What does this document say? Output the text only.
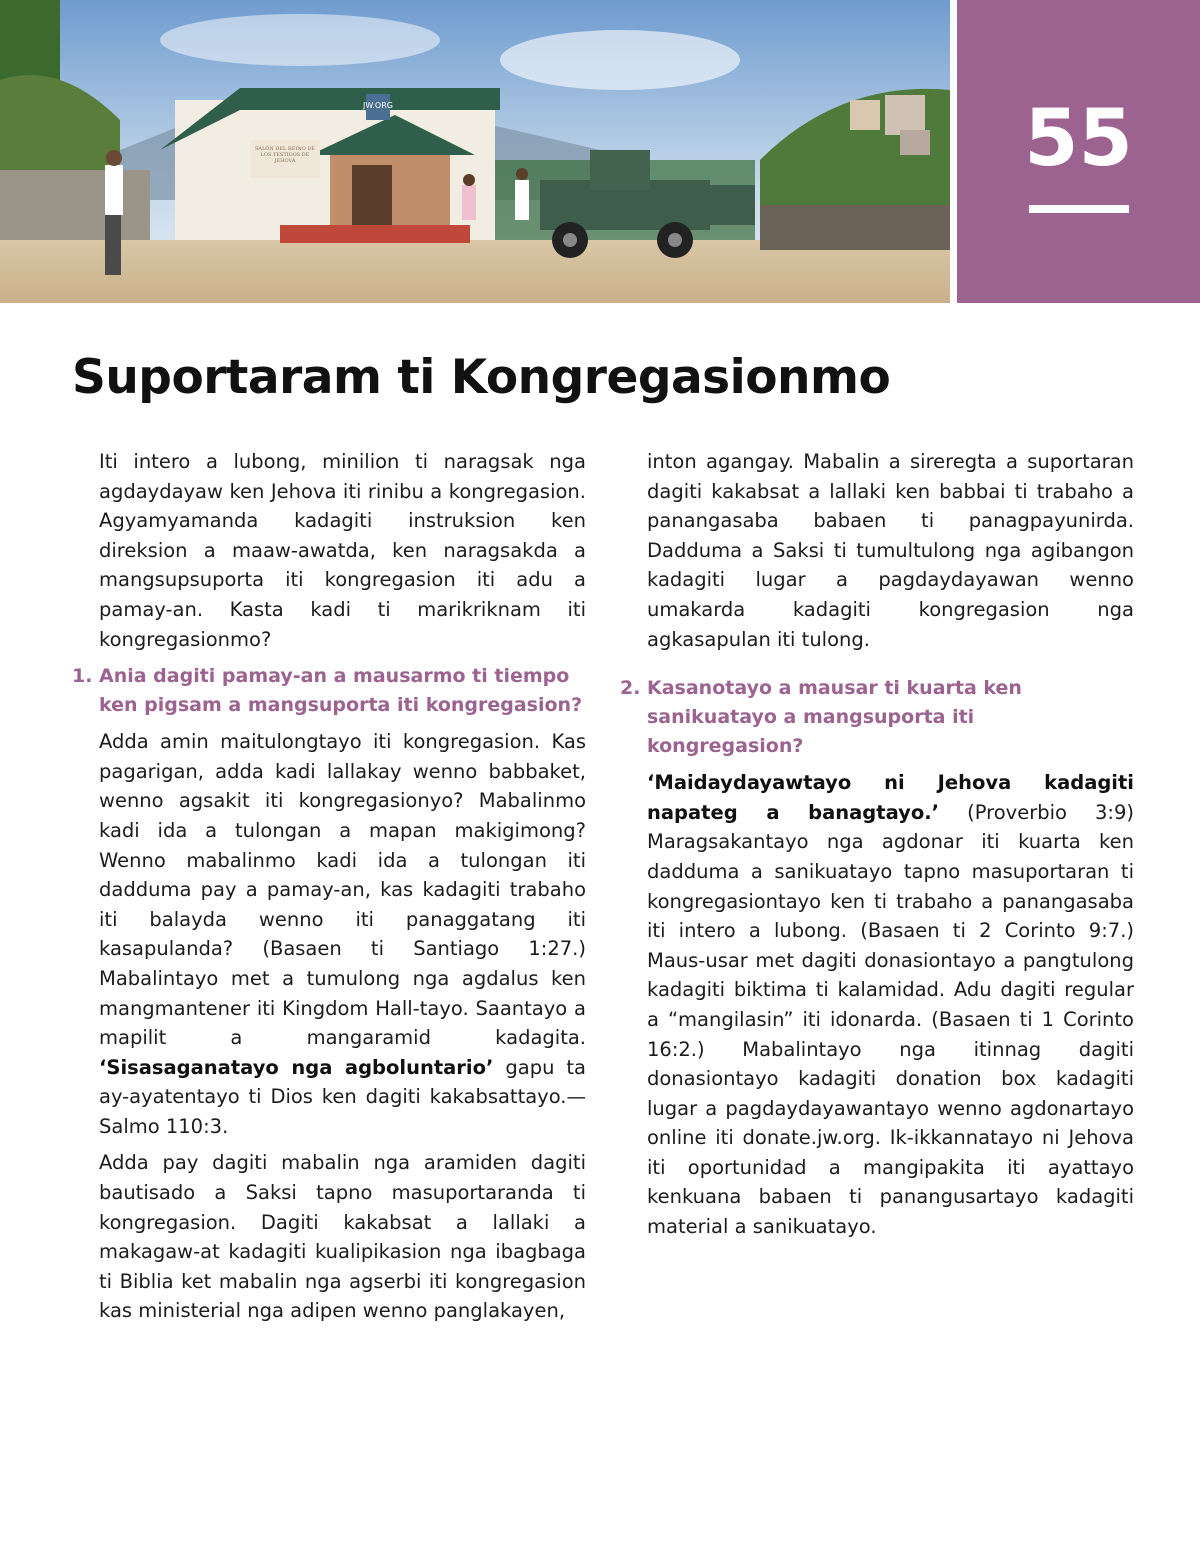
JW.ORG
SALÓN DEL REINO DE LOS TESTIGOS DE JEHOVÁ	55
Suportaram ti Kongregasionmo

Iti intero a lubong, minilion ti naragsak nga agdaydayaw ken Jehova iti rinibu a kongregasion. Agyamyamanda kadagiti instruksion ken direksion a maaw-awatda, ken naragsakda a mangsupsuporta iti kongregasion iti adu a pamay-an. Kasta kadi ti marikriknam iti kongregasionmo?

1. Ania dagiti pamay-an a mausarmo ti tiempo ken pigsam a mangsuporta iti kongregasion?

Adda amin maitulongtayo iti kongregasion. Kas pagarigan, adda kadi lallakay wenno babbaket, wenno agsakit iti kongregasionyo? Mabalinmo kadi ida a tulongan a mapan makigimong? Wenno mabalinmo kadi ida a tulongan iti dadduma pay a pamay-an, kas kadagiti trabaho iti balayda wenno iti panaggatang iti kasapulanda? (Basaen ti Santiago 1:27.) Mabalintayo met a tumulong nga agdalus ken mangmantener iti Kingdom Hall-tayo. Saantayo a mapilit a mangaramid kadagita. ‘Sisasaganatayo nga agboluntario’ gapu ta ay-ayatentayo ti Dios ken dagiti kakabsattayo.—Salmo 110:3.

Adda pay dagiti mabalin nga aramiden dagiti bautisado a Saksi tapno masuportaranda ti kongregasion. Dagiti kakabsat a lallaki a makagaw-at kadagiti kualipikasion nga ibagbaga ti Biblia ket mabalin nga agserbi iti kongregasion kas ministerial nga adipen wenno panglakayen,

inton agangay. Mabalin a sireregta a suportaran dagiti kakabsat a lallaki ken babbai ti trabaho a panangasaba babaen ti panagpayunirda. Dadduma a Saksi ti tumultulong nga agibangon kadagiti lugar a pagdaydayawan wenno umakarda kadagiti kongregasion nga agkasapulan iti tulong.

2. Kasanotayo a mausar ti kuarta ken sanikuatayo a mangsuporta iti kongregasion?

‘Maidaydayawtayo ni Jehova kadagiti napateg a banagtayo.’ (Proverbio 3:9) Maragsakantayo nga agdonar iti kuarta ken dadduma a sanikuatayo tapno masuportaran ti kongregasiontayo ken ti trabaho a panangasaba iti intero a lubong. (Basaen ti 2 Corinto 9:7.) Maus-usar met dagiti donasiontayo a pangtulong kadagiti biktima ti kalamidad. Adu dagiti regular a “mangilasin” iti idonarda. (Basaen ti 1 Corinto 16:2.) Mabalintayo nga itinnag dagiti donasiontayo kadagiti donation box kadagiti lugar a pagdaydayawantayo wenno agdonartayo online iti donate.jw.org. Ik-ikkannatayo ni Jehova iti oportunidad a mangipakita iti ayattayo kenkuana babaen ti panangusartayo kadagiti material a sanikuatayo.
